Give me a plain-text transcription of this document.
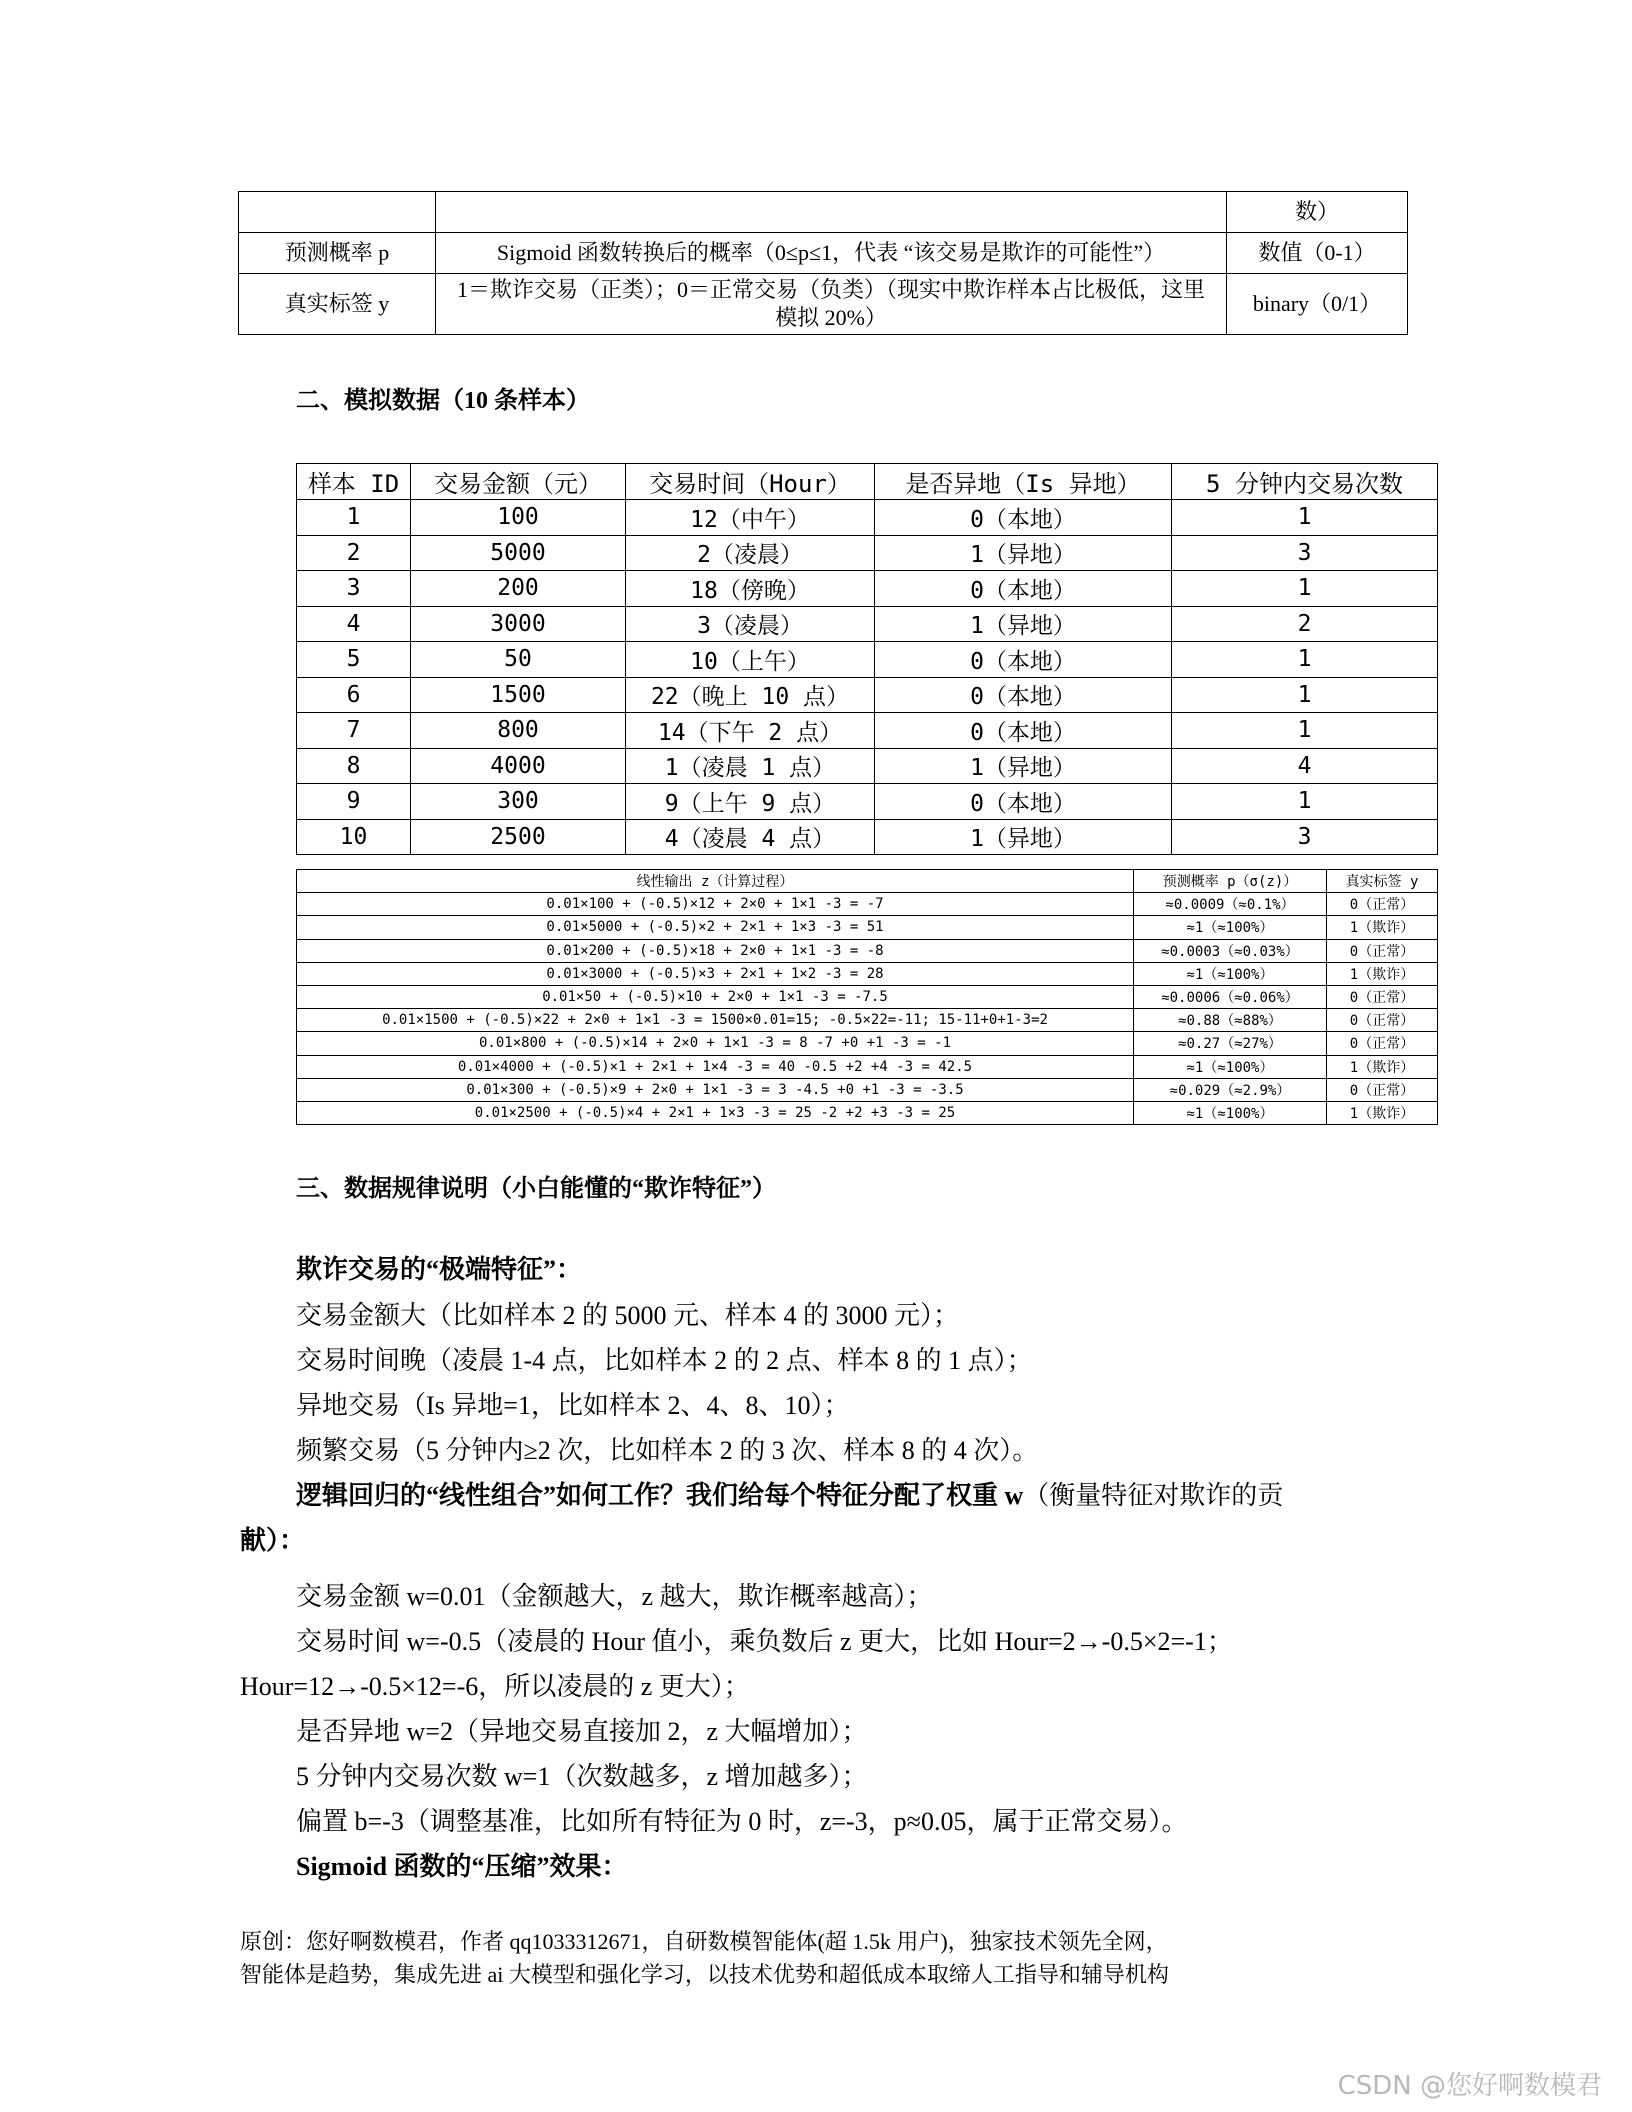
		数）
预测概率 p	Sigmoid 函数转换后的概率（0≤p≤1，代表 “该交易是欺诈的可能性”）	数值（0-1）
真实标签 y	1＝欺诈交易（正类）；0＝正常交易（负类）（现实中欺诈样本占比极低，这里模拟 20%）	binary（0/1）
二、模拟数据（10 条样本）
样本 ID	交易金额（元）	交易时间（Hour）	是否异地（Is 异地）	5 分钟内交易次数
1	100	12（中午）	0（本地）	1
2	5000	2（凌晨）	1（异地）	3
3	200	18（傍晚）	0（本地）	1
4	3000	3（凌晨）	1（异地）	2
5	50	10（上午）	0（本地）	1
6	1500	22（晚上 10 点）	0（本地）	1
7	800	14（下午 2 点）	0（本地）	1
8	4000	1（凌晨 1 点）	1（异地）	4
9	300	9（上午 9 点）	0（本地）	1
10	2500	4（凌晨 4 点）	1（异地）	3
线性输出 z（计算过程）	预测概率 p（σ(z)）	真实标签 y
0.01×100 + (-0.5)×12 + 2×0 + 1×1 -3 = -7	≈0.0009（≈0.1%）	0（正常）
0.01×5000 + (-0.5)×2 + 2×1 + 1×3 -3 = 51	≈1（≈100%）	1（欺诈）
0.01×200 + (-0.5)×18 + 2×0 + 1×1 -3 = -8	≈0.0003（≈0.03%）	0（正常）
0.01×3000 + (-0.5)×3 + 2×1 + 1×2 -3 = 28	≈1（≈100%）	1（欺诈）
0.01×50 + (-0.5)×10 + 2×0 + 1×1 -3 = -7.5	≈0.0006（≈0.06%）	0（正常）
0.01×1500 + (-0.5)×22 + 2×0 + 1×1 -3 = 1500×0.01=15; -0.5×22=-11; 15-11+0+1-3=2	≈0.88（≈88%）	0（正常）
0.01×800 + (-0.5)×14 + 2×0 + 1×1 -3 = 8 -7 +0 +1 -3 = -1	≈0.27（≈27%）	0（正常）
0.01×4000 + (-0.5)×1 + 2×1 + 1×4 -3 = 40 -0.5 +2 +4 -3 = 42.5	≈1（≈100%）	1（欺诈）
0.01×300 + (-0.5)×9 + 2×0 + 1×1 -3 = 3 -4.5 +0 +1 -3 = -3.5	≈0.029（≈2.9%）	0（正常）
0.01×2500 + (-0.5)×4 + 2×1 + 1×3 -3 = 25 -2 +2 +3 -3 = 25	≈1（≈100%）	1（欺诈）
三、数据规律说明（小白能懂的“欺诈特征”）
欺诈交易的“极端特征”：
交易金额大（比如样本 2 的 5000 元、样本 4 的 3000 元）；
交易时间晚（凌晨 1-4 点，比如样本 2 的 2 点、样本 8 的 1 点）；
异地交易（Is 异地=1，比如样本 2、4、8、10）；
频繁交易（5 分钟内≥2 次，比如样本 2 的 3 次、样本 8 的 4 次）。
逻辑回归的“线性组合”如何工作？我们给每个特征分配了权重 w（衡量特征对欺诈的贡
献）：
交易金额 w=0.01（金额越大，z 越大，欺诈概率越高）；
交易时间 w=-0.5（凌晨的 Hour 值小，乘负数后 z 更大，比如 Hour=2→-0.5×2=-1；
Hour=12→-0.5×12=-6，所以凌晨的 z 更大）；
是否异地 w=2（异地交易直接加 2，z 大幅增加）；
5 分钟内交易次数 w=1（次数越多，z 增加越多）；
偏置 b=-3（调整基准，比如所有特征为 0 时，z=-3，p≈0.05，属于正常交易）。
Sigmoid 函数的“压缩”效果：
原创：您好啊数模君，作者 qq1033312671，自研数模智能体(超 1.5k 用户)，独家技术领先全网，
智能体是趋势，集成先进 ai 大模型和强化学习，以技术优势和超低成本取缔人工指导和辅导机构
CSDN @您好啊数模君
